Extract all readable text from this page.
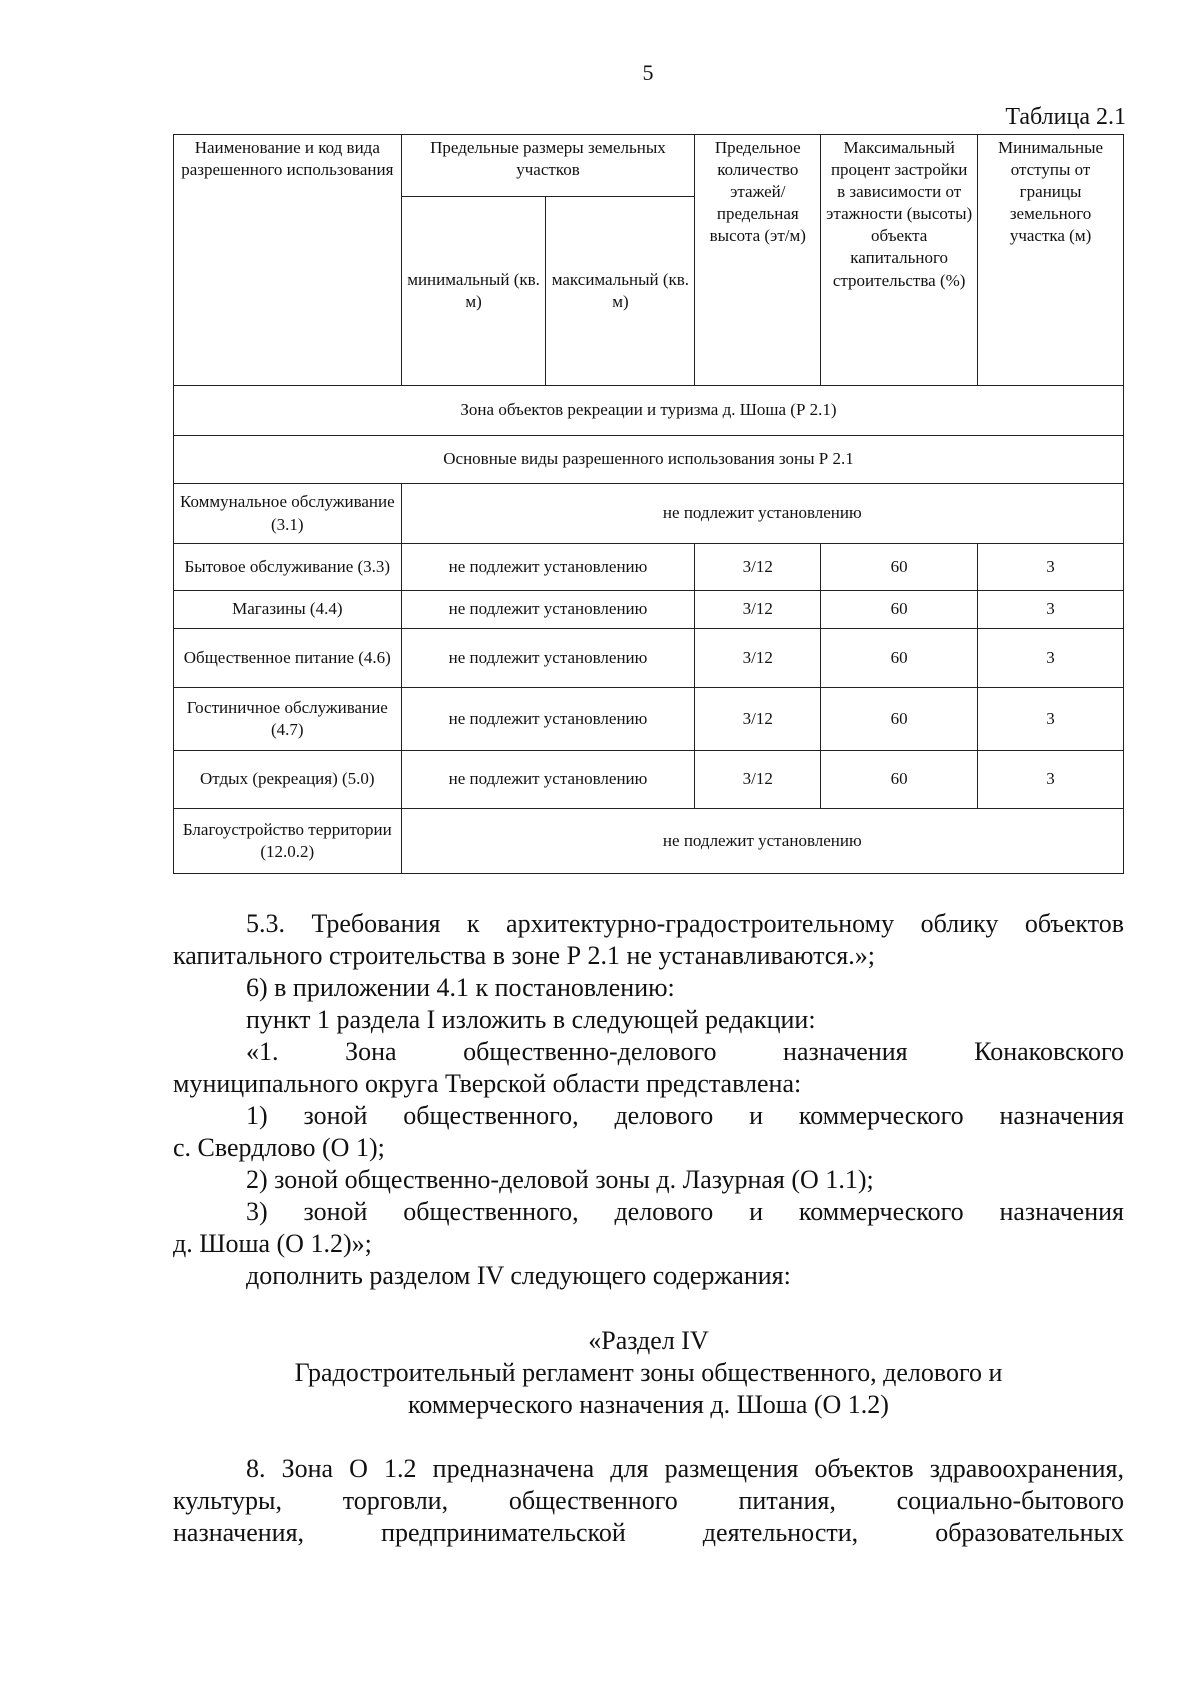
5
Таблица 2.1
Наименование и код вида разрешенного использования	Предельные размеры земельных участков		Предельное количество этажей/ предельная высота (эт/м)	Максимальный процент застройки в зависимости от этажности (высоты) объекта капитального строительства (%)	Минимальные отступы от границы земельного участка (м)
	минимальный (кв. м)	максимальный (кв. м)			
Зона объектов рекреации и туризма д. Шоша (Р 2.1)					
Основные виды разрешенного использования зоны Р 2.1					
Коммунальное обслуживание (3.1)	не подлежит установлению				
Бытовое обслуживание (3.3)	не подлежит установлению		3/12	60	3
Магазины (4.4)	не подлежит установлению		3/12	60	3
Общественное питание (4.6)	не подлежит установлению		3/12	60	3
Гостиничное обслуживание (4.7)	не подлежит установлению		3/12	60	3
Отдых (рекреация) (5.0)	не подлежит установлению		3/12	60	3
Благоустройство территории (12.0.2)	не подлежит установлению				

5.3. Требования к архитектурно-градостроительному облику объектов

капитального строительства в зоне Р 2.1 не устанавливаются.»;

6) в приложении 4.1 к постановлению:

пункт 1 раздела I изложить в следующей редакции:

«1. Зона общественно-делового назначения Конаковского

муниципального округа Тверской области представлена:

1) зоной общественного, делового и коммерческого назначения

с. Свердлово (О 1);

2) зоной общественно-деловой зоны д. Лазурная (О 1.1);

3) зоной общественного, делового и коммерческого назначения

д. Шоша (О 1.2)»;

дополнить разделом IV следующего содержания:

«Раздел IV

Градостроительный регламент зоны общественного, делового и

коммерческого назначения д. Шоша (О 1.2)

8. Зона О 1.2 предназначена для размещения объектов здравоохранения,

культуры, торговли, общественного питания, социально-бытового

назначения, предпринимательской деятельности, образовательных
